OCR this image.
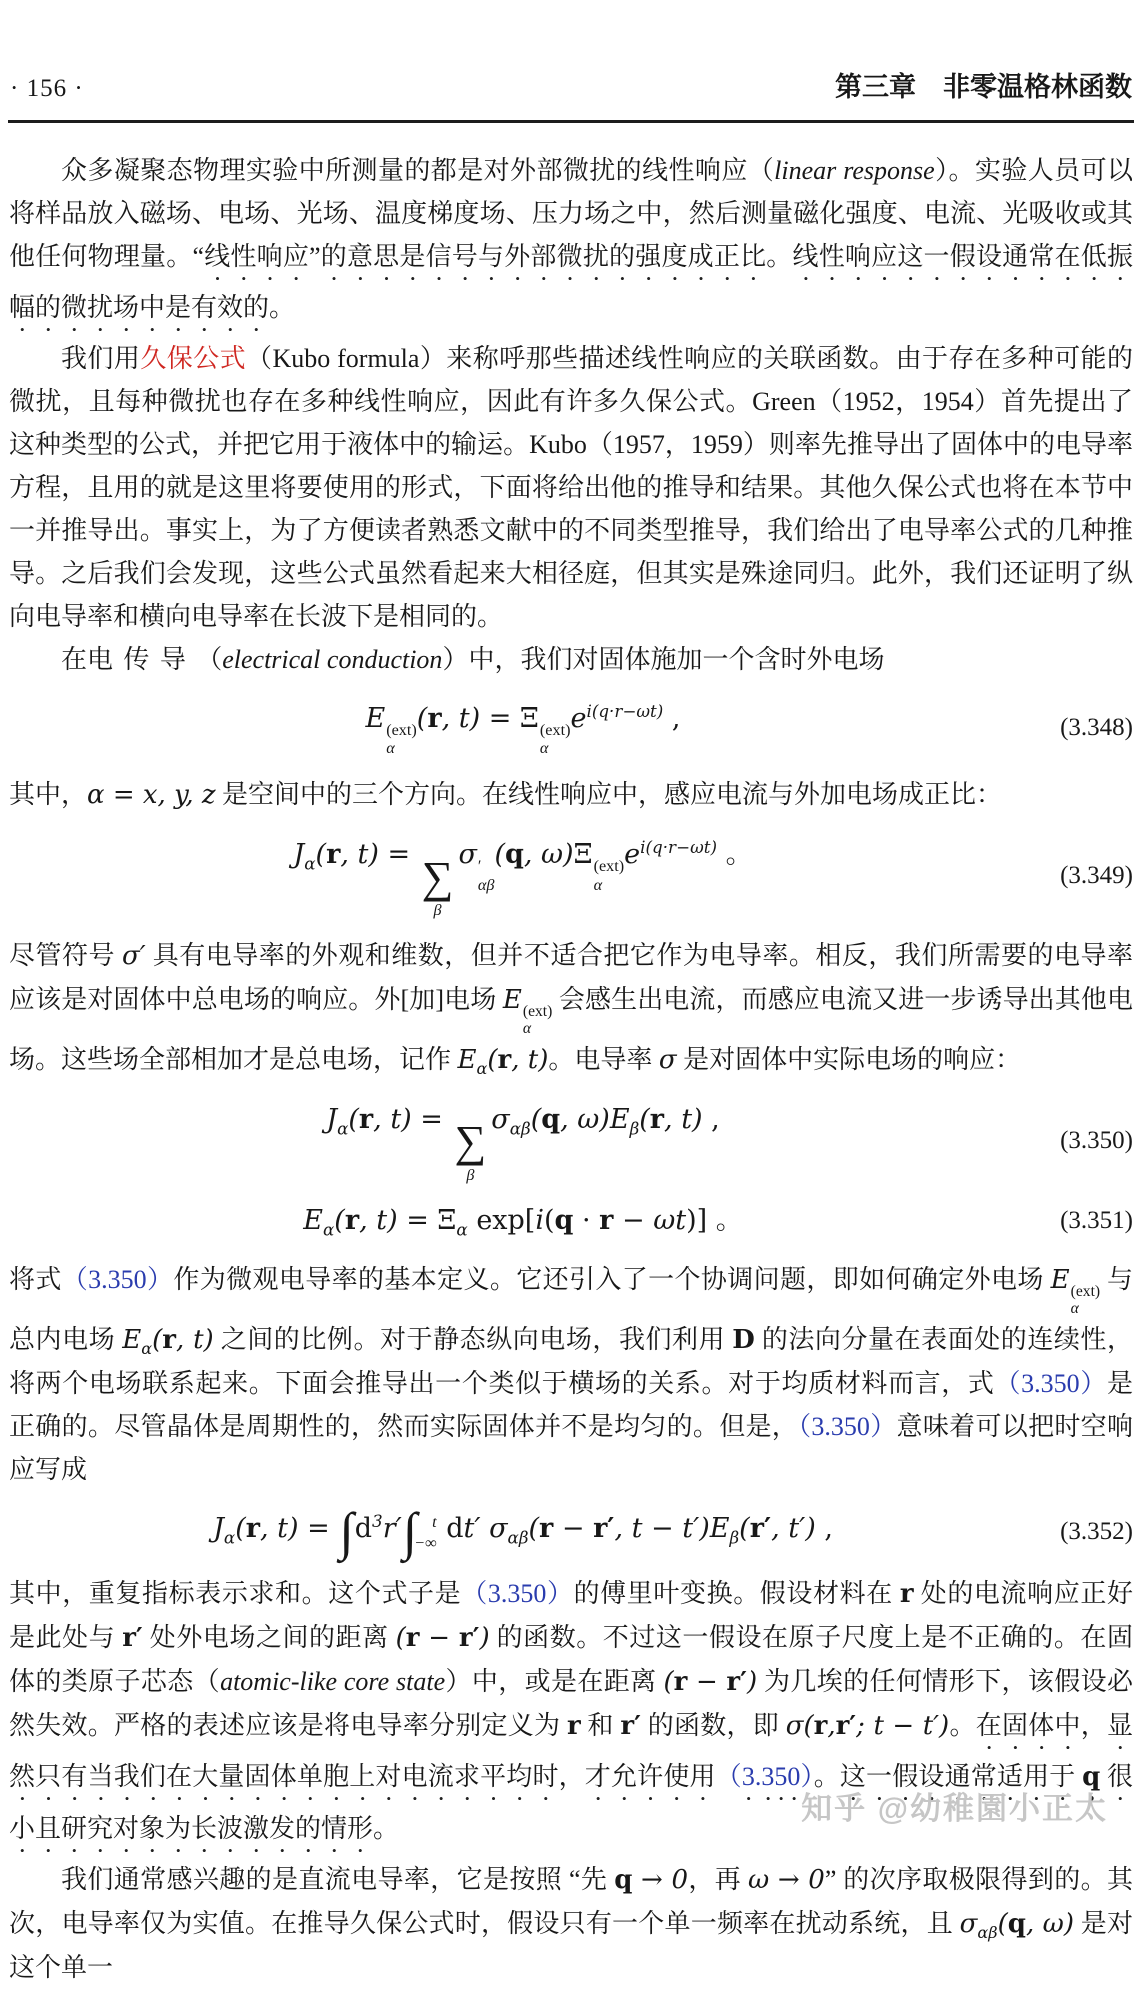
· 156 ·	第三章　非零温格林函数

众多凝聚态物理实验中所测量的都是对外部微扰的线性响应（linear response）。实验人员可以将样品放入磁场、电场、光场、温度梯度场、压力场之中，然后测量磁化强度、电流、光吸收或其他任何物理量。“线性响应”的意思是信号与外部微扰的强度成正比。线性响应这一假设通常在低振幅的微扰场中是有效的。

我们用久保公式（Kubo formula）来称呼那些描述线性响应的关联函数。由于存在多种可能的微扰，且每种微扰也存在多种线性响应，因此有许多久保公式。Green（1952，1954）首先提出了这种类型的公式，并把它用于液体中的输运。Kubo（1957，1959）则率先推导出了固体中的电导率方程，且用的就是这里将要使用的形式，下面将给出他的推导和结果。其他久保公式也将在本节中一并推导出。事实上，为了方便读者熟悉文献中的不同类型推导，我们给出了电导率公式的几种推导。之后我们会发现，这些公式虽然看起来大相径庭，但其实是殊途同归。此外，我们还证明了纵向电导率和横向电导率在长波下是相同的。

在电传导（electrical conduction）中，我们对固体施加一个含时外电场

E (ext)
α
(r, t) = Ξ (ext)
α
$e^{i(q\cdot r-\omega t)}$ ,	(3.348)

其中，α = x, y, z 是空间中的三个方向。在线性响应中，感应电流与外加电场成正比：

$J_\alpha(r$, t) = ∑
β
σ ′
αβ
(q, ω)Ξ (ext)
α
$e^{i(q\cdot r-\omega t)}$ 。
(3.349)

尽管符号 σ′ 具有电导率的外观和维数，但并不适合把它作为电导率。相反，我们所需要的电导率应该是对固体中总电场的响应。外[加]电场 E (ext)
α
会感生出电流，而感应电流又进一步诱导出其他电场。这些场全部相加才是总电场，记作 $E_\alpha(r$, t)。电导率 σ 是对固体中实际电场的响应：

$J_\alpha(r$, t) = ∑
β
$\sigma_{\alpha\beta}(q$, $\omega)E_\beta(r$, t) ,
(3.350)
$E_\alpha(r$, $t) = \Xi_\alpha$ exp[i(q · r − ωt)] 。	(3.351)

将式（3.350）作为微观电导率的基本定义。它还引入了一个协调问题，即如何确定外电场 E (ext)
α
与总内电场 $E_\alpha(r$, t) 之间的比例。对于静态纵向电场，我们利用 D 的法向分量在表面处的连续性，将两个电场联系起来。下面会推导出一个类似于横场的关系。对于均质材料而言，式（3.350）是正确的。尽管晶体是周期性的，然而实际固体并不是均匀的。但是，（3.350）意味着可以把时空响应写成

$J_\alpha(r$, t) = ∫ $d^3r'$ ∫ t
−∞ dt′ $\sigma_{\alpha\beta}(r - r'$, $t - t')E_\beta(r'$, t′) ,	(3.352)

其中，重复指标表示求和。这个式子是（3.350）的傅里叶变换。假设材料在 r 处的电流响应正好是此处与 r′ 处外电场之间的距离 (r − r′) 的函数。不过这一假设在原子尺度上是不正确的。在固体的类原子芯态（atomic-like core state）中，或是在距离 (r − r′) 为几埃的任何情形下，该假设必然失效。严格的表述应该是将电导率分别定义为 r 和 r′ 的函数，即 σ(r,r′; t − t′)。在固体中，显然只有当我们在大量固体单胞上对电流求平均时，才允许使用（3.350）。这一假设通常适用于 q 很小且研究对象为长波激发的情形。

我们通常感兴趣的是直流电导率，它是按照 “先 q → 0，再 ω → 0” 的次序取极限得到的。其次，电导率仅为实值。在推导久保公式时，假设只有一个单一频率在扰动系统，且 $\sigma_{\alpha\beta}(q$, ω) 是对这个单一

知乎 @幼稚園小正太
